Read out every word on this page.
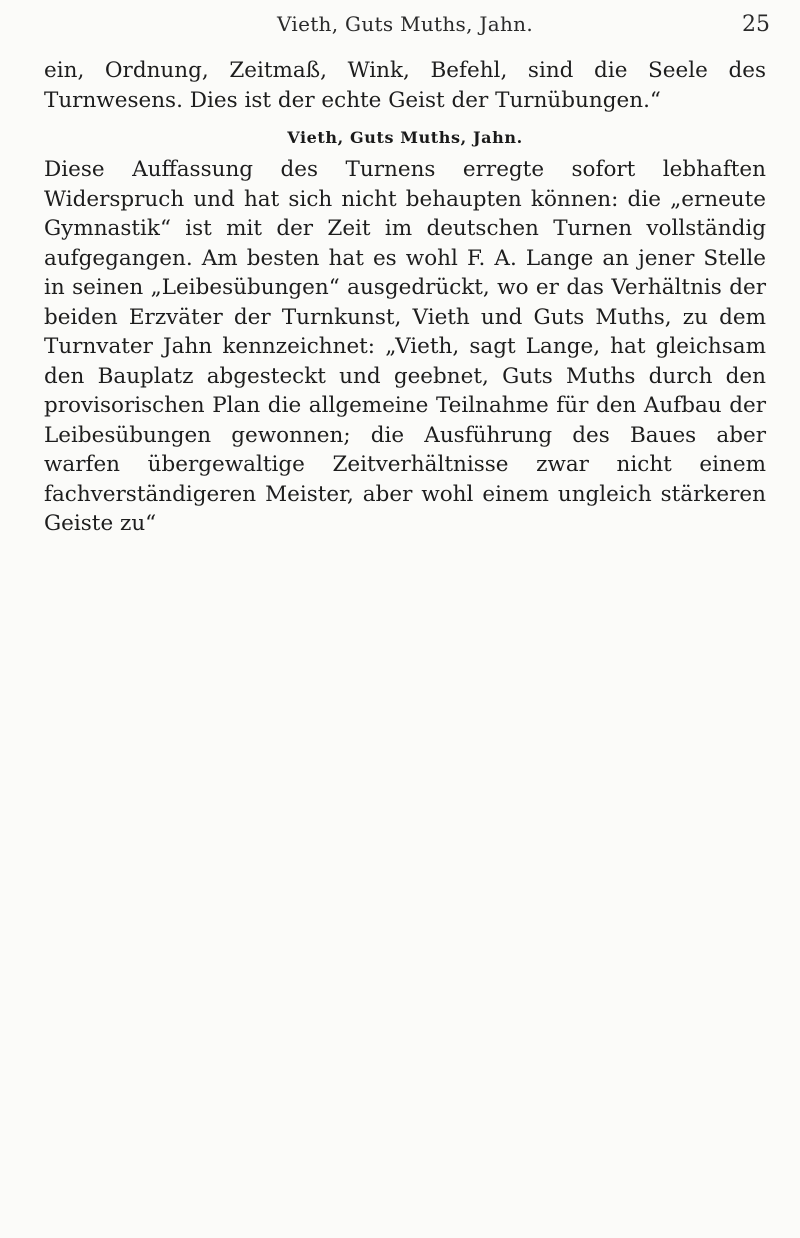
Vieth, Guts Muths, Jahn.	25

ein, Ordnung, Zeitmaß, Wink, Befehl, sind die Seele des Turnwesens. Dies ist der echte Geist der Turnübungen.“

Vieth, Guts Muths, Jahn.

Diese Auffassung des Turnens erregte sofort lebhaften Widerspruch und hat sich nicht behaupten können: die „erneute Gymnastik“ ist mit der Zeit im deutschen Turnen vollständig aufgegangen. Am besten hat es wohl F. A. Lange an jener Stelle in seinen „Leibesübungen“ ausgedrückt, wo er das Verhältnis der beiden Erzväter der Turnkunst, Vieth und Guts Muths, zu dem Turnvater Jahn kennzeichnet: „Vieth, sagt Lange, hat gleichsam den Bauplatz abgesteckt und geebnet, Guts Muths durch den provisorischen Plan die allgemeine Teilnahme für den Aufbau der Leibesübungen gewonnen; die Ausführung des Baues aber warfen übergewaltige Zeitverhältnisse zwar nicht einem fachverständigeren Meister, aber wohl einem ungleich stärkeren Geiste zu“
